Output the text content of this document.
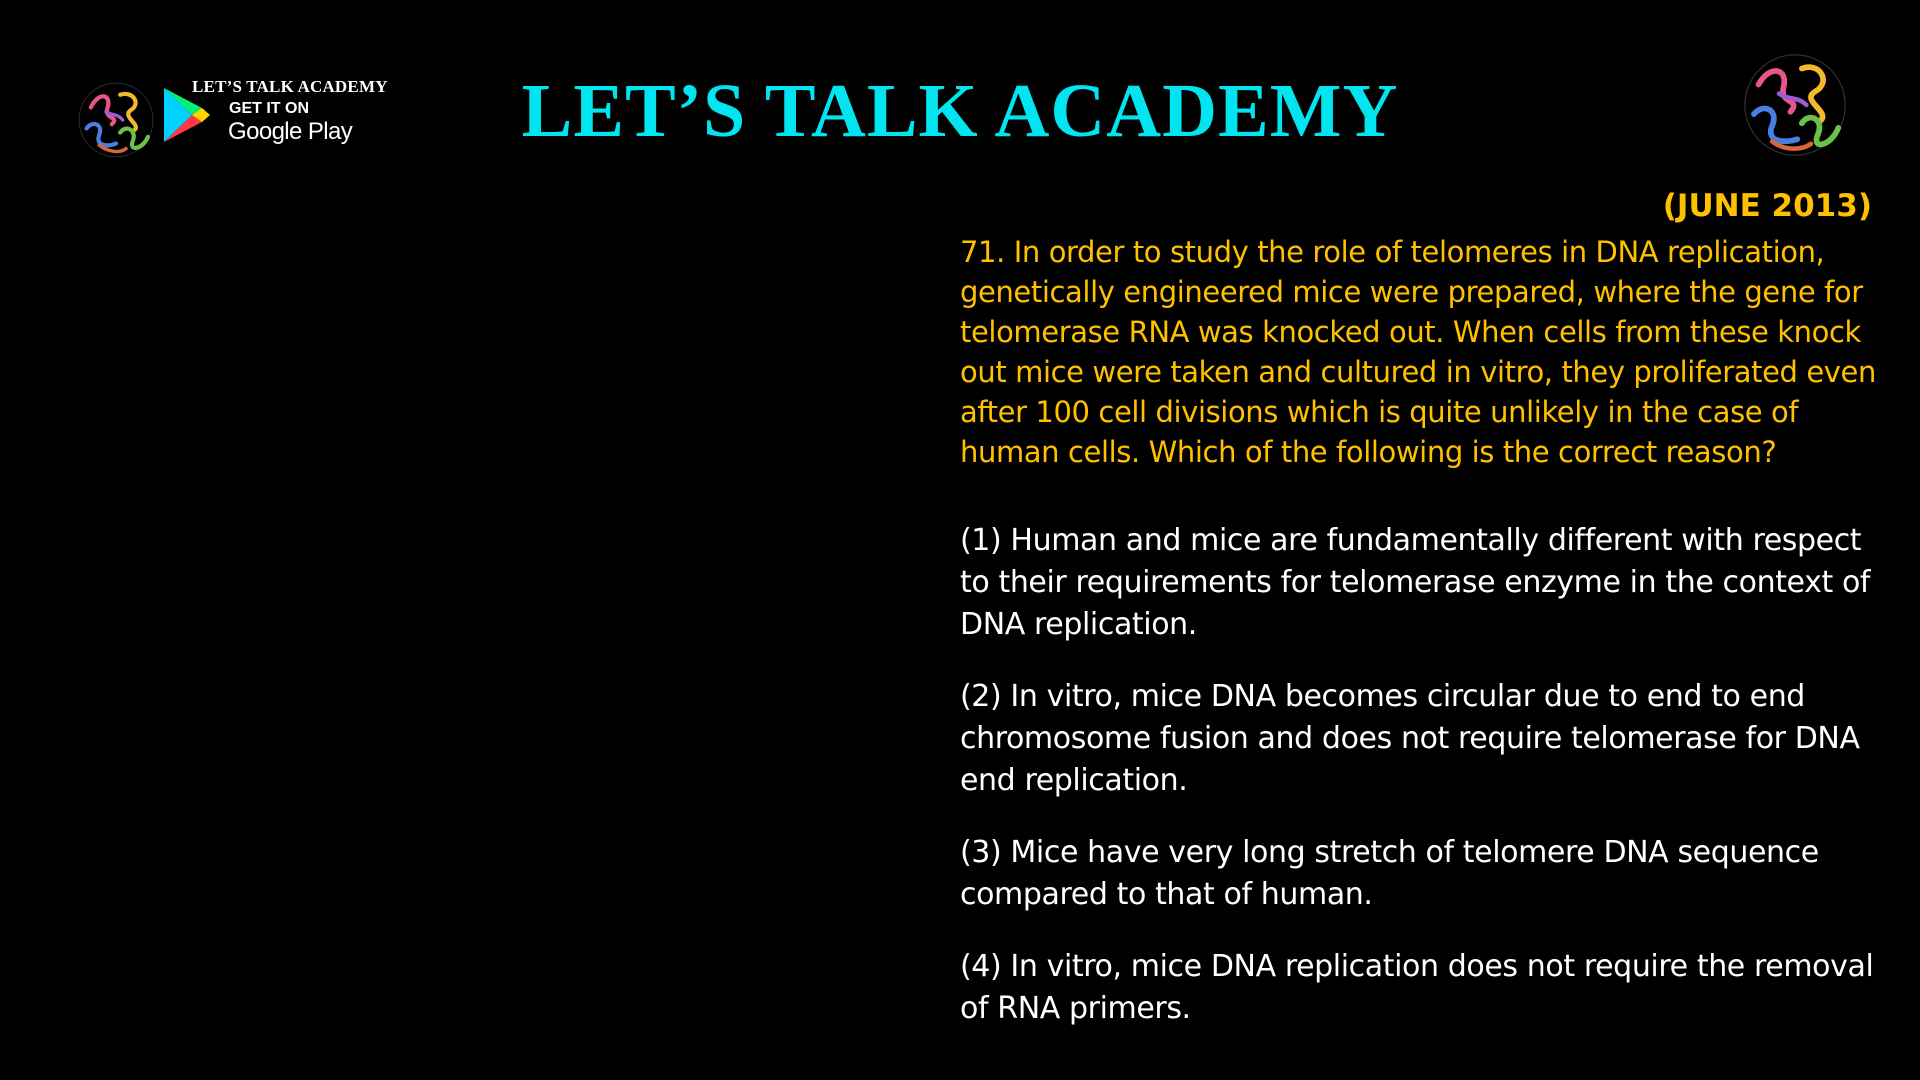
LET’S TALK ACADEMY
GET IT ON
Google Play	LET’S TALK ACADEMY
(JUNE 2013)
71. In order to study the role of telomeres in DNA replication, genetically engineered mice were prepared, where the gene for telomerase RNA was knocked out. When cells from these knock out mice were taken and cultured in vitro, they proliferated even after 100 cell divisions which is quite unlikely in the case of human cells. Which of the following is the correct reason?
(1) Human and mice are fundamentally different with respect to their requirements for telomerase enzyme in the context of DNA replication.
(2) In vitro, mice DNA becomes circular due to end to end chromosome fusion and does not require telomerase for DNA end replication.
(3) Mice have very long stretch of telomere DNA sequence compared to that of human.
(4) In vitro, mice DNA replication does not require the removal of RNA primers.
